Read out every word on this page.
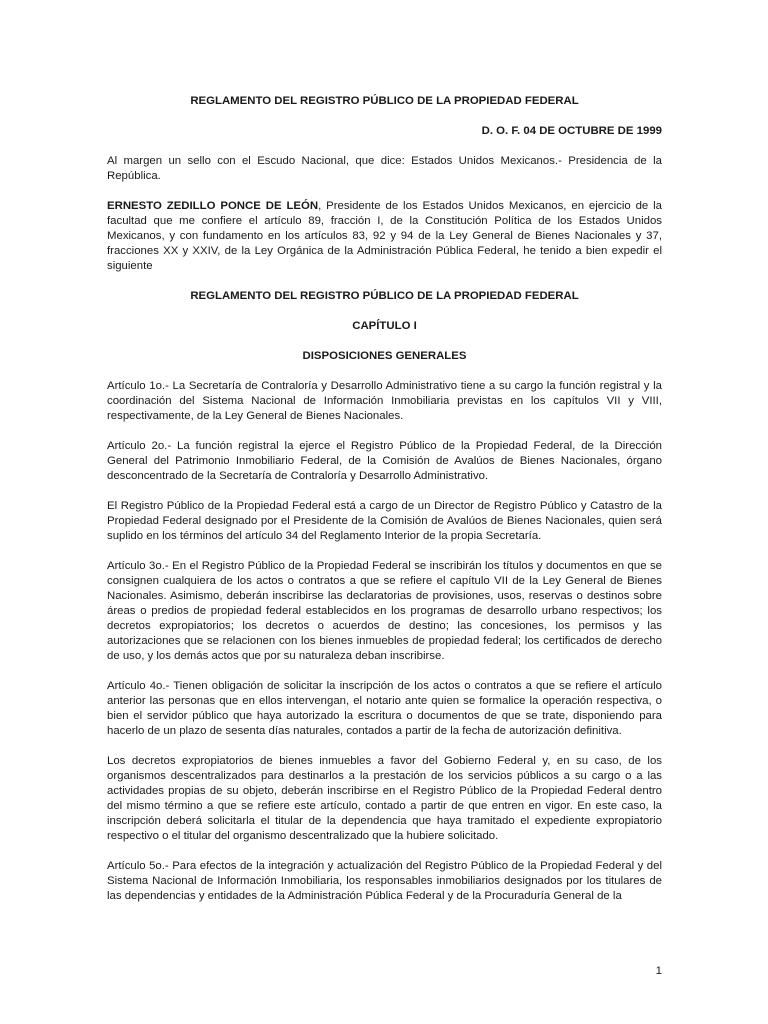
REGLAMENTO DEL REGISTRO PÚBLICO DE LA PROPIEDAD FEDERAL
D. O. F. 04 DE OCTUBRE DE 1999

Al margen un sello con el Escudo Nacional, que dice: Estados Unidos Mexicanos.- Presidencia de la República.

ERNESTO ZEDILLO PONCE DE LEÓN, Presidente de los Estados Unidos Mexicanos, en ejercicio de la facultad que me confiere el artículo 89, fracción I, de la Constitución Política de los Estados Unidos Mexicanos, y con fundamento en los artículos 83, 92 y 94 de la Ley General de Bienes Nacionales y 37, fracciones XX y XXIV, de la Ley Orgánica de la Administración Pública Federal, he tenido a bien expedir el siguiente

REGLAMENTO DEL REGISTRO PÚBLICO DE LA PROPIEDAD FEDERAL
CAPÍTULO I
DISPOSICIONES GENERALES

Artículo 1o.- La Secretaría de Contraloría y Desarrollo Administrativo tiene a su cargo la función registral y la coordinación del Sistema Nacional de Información Inmobiliaria previstas en los capítulos VII y VIII, respectivamente, de la Ley General de Bienes Nacionales.

Artículo 2o.- La función registral la ejerce el Registro Público de la Propiedad Federal, de la Dirección General del Patrimonio Inmobiliario Federal, de la Comisión de Avalúos de Bienes Nacionales, órgano desconcentrado de la Secretaría de Contraloría y Desarrollo Administrativo.

El Registro Público de la Propiedad Federal está a cargo de un Director de Registro Público y Catastro de la Propiedad Federal designado por el Presidente de la Comisión de Avalúos de Bienes Nacionales, quien será suplido en los términos del artículo 34 del Reglamento Interior de la propia Secretaría.

Artículo 3o.- En el Registro Público de la Propiedad Federal se inscribirán los títulos y documentos en que se consignen cualquiera de los actos o contratos a que se refiere el capítulo VII de la Ley General de Bienes Nacionales. Asimismo, deberán inscribirse las declaratorias de provisiones, usos, reservas o destinos sobre áreas o predios de propiedad federal establecidos en los programas de desarrollo urbano respectivos; los decretos expropiatorios; los decretos o acuerdos de destino; las concesiones, los permisos y las autorizaciones que se relacionen con los bienes inmuebles de propiedad federal; los certificados de derecho de uso, y los demás actos que por su naturaleza deban inscribirse.

Artículo 4o.- Tienen obligación de solicitar la inscripción de los actos o contratos a que se refiere el artículo anterior las personas que en ellos intervengan, el notario ante quien se formalice la operación respectiva, o bien el servidor público que haya autorizado la escritura o documentos de que se trate, disponiendo para hacerlo de un plazo de sesenta días naturales, contados a partir de la fecha de autorización definitiva.

Los decretos expropiatorios de bienes inmuebles a favor del Gobierno Federal y, en su caso, de los organismos descentralizados para destinarlos a la prestación de los servicios públicos a su cargo o a las actividades propias de su objeto, deberán inscribirse en el Registro Público de la Propiedad Federal dentro del mismo término a que se refiere este artículo, contado a partir de que entren en vigor. En este caso, la inscripción deberá solicitarla el titular de la dependencia que haya tramitado el expediente expropiatorio respectivo o el titular del organismo descentralizado que la hubiere solicitado.

Artículo 5o.- Para efectos de la integración y actualización del Registro Público de la Propiedad Federal y del Sistema Nacional de Información Inmobiliaria, los responsables inmobiliarios designados por los titulares de las dependencias y entidades de la Administración Pública Federal y de la Procuraduría General de la

1
